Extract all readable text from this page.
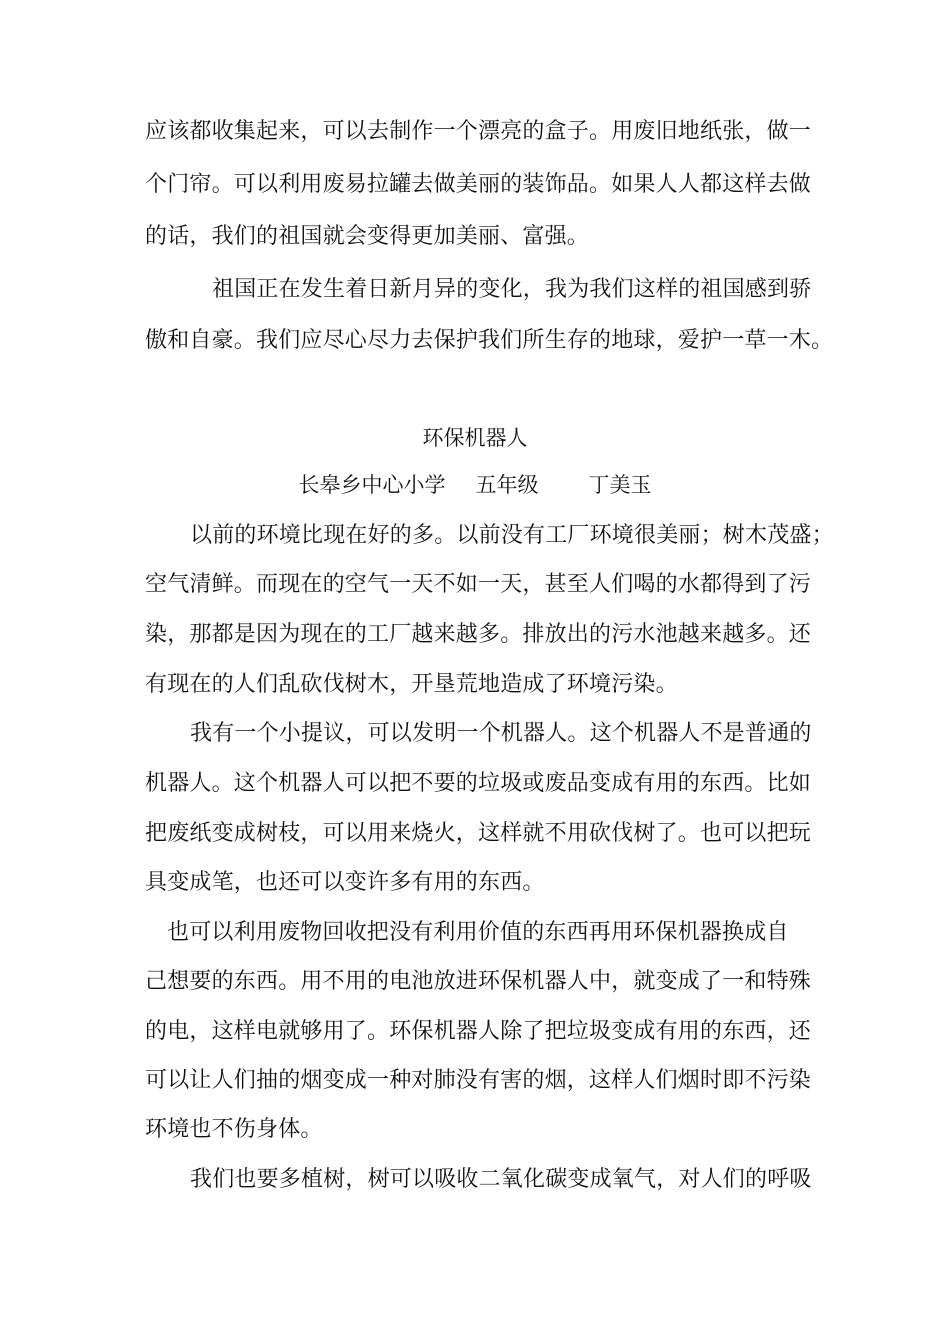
应该都收集起来，可以去制作一个漂亮的盒子。用废旧地纸张，做一
个门帘。可以利用废易拉罐去做美丽的装饰品。如果人人都这样去做
的话，我们的祖国就会变得更加美丽、富强。
祖国正在发生着日新月异的变化，我为我们这样的祖国感到骄
傲和自豪。我们应尽心尽力去保护我们所生存的地球，爱护一草一木。
环保机器人
长皋乡中心小学 五年级 丁美玉
以前的环境比现在好的多。以前没有工厂环境很美丽；树木茂盛；
空气清鲜。而现在的空气一天不如一天，甚至人们喝的水都得到了污
染，那都是因为现在的工厂越来越多。排放出的污水池越来越多。还
有现在的人们乱砍伐树木，开垦荒地造成了环境污染。
我有一个小提议，可以发明一个机器人。这个机器人不是普通的
机器人。这个机器人可以把不要的垃圾或废品变成有用的东西。比如
把废纸变成树枝，可以用来烧火，这样就不用砍伐树了。也可以把玩
具变成笔，也还可以变许多有用的东西。
也可以利用废物回收把没有利用价值的东西再用环保机器换成自
己想要的东西。用不用的电池放进环保机器人中，就变成了一和特殊
的电，这样电就够用了。环保机器人除了把垃圾变成有用的东西，还
可以让人们抽的烟变成一种对肺没有害的烟，这样人们烟时即不污染
环境也不伤身体。
我们也要多植树，树可以吸收二氧化碳变成氧气，对人们的呼吸
